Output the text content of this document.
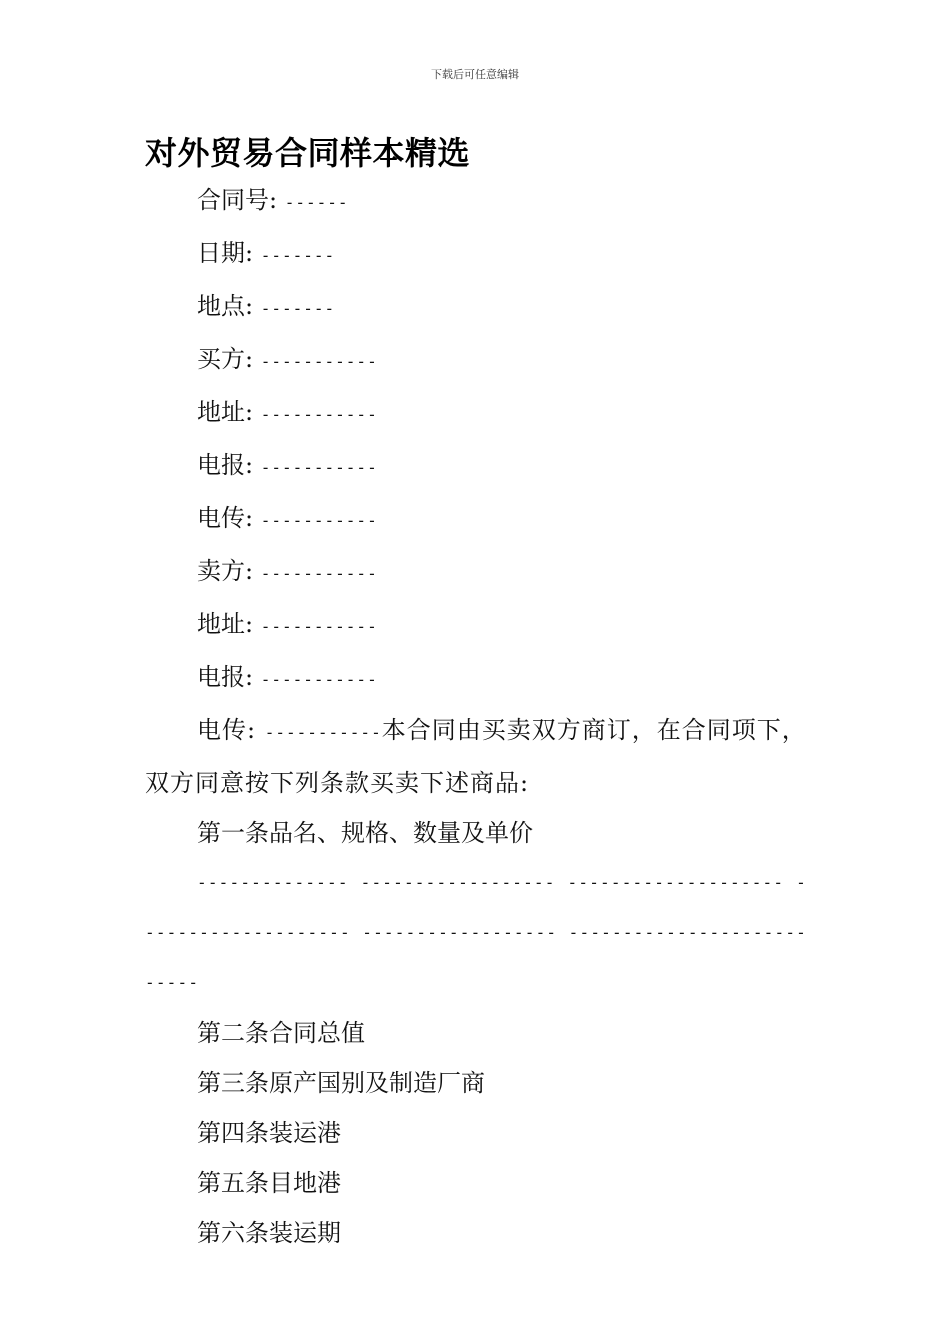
下载后可任意编辑
对外贸易合同样本精选

合同号: ------

日期: -------

地点: -------

买方: -----------

地址: -----------

电报: -----------

电传: -----------

卖方: -----------

地址: -----------

电报: -----------

电传: -----------本合同由买卖双方商订，在合同项下，双方同意按下列条款买卖下述商品:

第一条品名、规格、数量及单价

-------------- ------------------ -------------------- -------------------- ------------------ ---------------------------

第二条合同总值

第三条原产国别及制造厂商

第四条装运港

第五条目地港

第六条装运期
